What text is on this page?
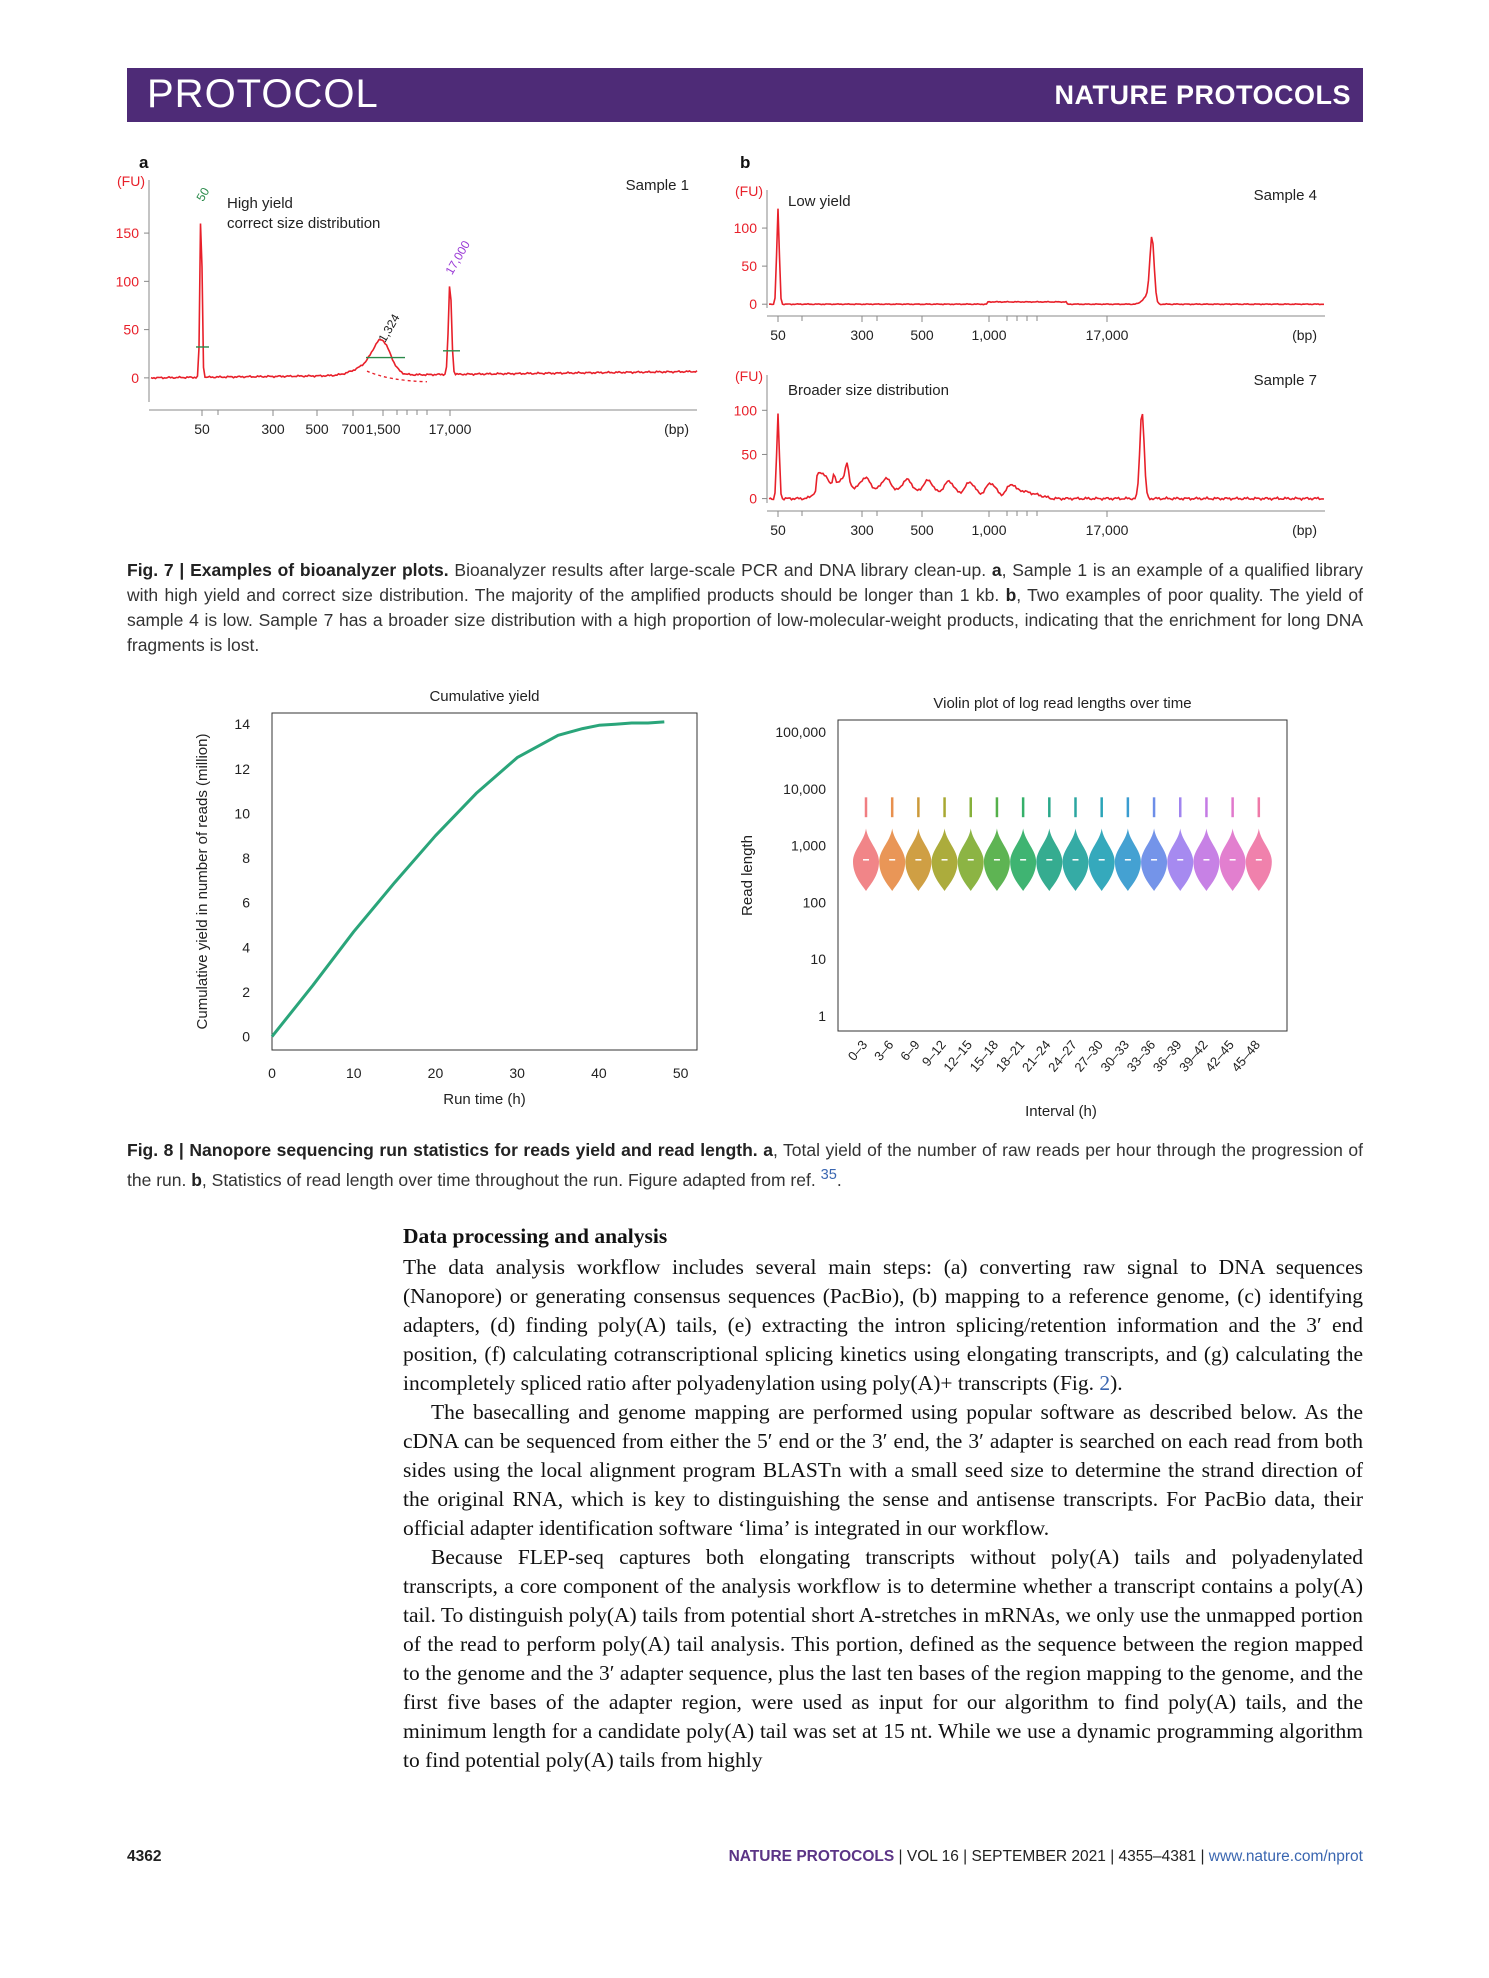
PROTOCOL	NATURE PROTOCOLS
a	b
(FU)
0
50
100
150
50	300 500 700 1,500 17,000	(bp)
Sample 1
High yield
correct size distribution
50
1,324
17,000
(FU)
0
50
100
50	300	500	1,000	17,000	(bp)
Sample 4
Low yield
(FU)
0
50
100
50	300	500	1,000	17,000	(bp)
Sample 7
Broader size distribution
Fig. 7 | Examples of bioanalyzer plots. Bioanalyzer results after large-scale PCR and DNA library clean-up. a, Sample 1 is an example of a qualified library with high yield and correct size distribution. The majority of the amplified products should be longer than 1 kb. b, Two examples of poor quality. The yield of sample 4 is low. Sample 7 has a broader size distribution with a high proportion of low-molecular-weight products, indicating that the enrichment for long DNA fragments is lost.
Cumulative yield
0
2
4
6
8
10
12
14
0	10	20	30	40	50
Run time (h)
Cumulative yield in number of reads (million)
Violin plot of log read lengths over time
1
10
100
1,000
10,000
100,000
Read length
Interval (h)
0–3 3–6 6–9
9–12
12–15
15–18
18–21
21–24
24–27
27–30
30–33
33–36
36–39
39–42
42–45
45–48
Fig. 8 | Nanopore sequencing run statistics for reads yield and read length. a, Total yield of the number of raw reads per hour through the progression of the run. b, Statistics of read length over time throughout the run. Figure adapted from ref. $^{35}$.
Data processing and analysis

The data analysis workflow includes several main steps: (a) converting raw signal to DNA sequences (Nanopore) or generating consensus sequences (PacBio), (b) mapping to a reference genome, (c) identifying adapters, (d) finding poly(A) tails, (e) extracting the intron splicing/retention information and the 3′ end position, (f) calculating cotranscriptional splicing kinetics using elongating transcripts, and (g) calculating the incompletely spliced ratio after polyadenylation using poly(A)+ transcripts (Fig. 2).

The basecalling and genome mapping are performed using popular software as described below. As the cDNA can be sequenced from either the 5′ end or the 3′ end, the 3′ adapter is searched on each read from both sides using the local alignment program BLASTn with a small seed size to determine the strand direction of the original RNA, which is key to distinguishing the sense and antisense transcripts. For PacBio data, their official adapter identification software ‘lima’ is integrated in our workflow.

Because FLEP-seq captures both elongating transcripts without poly(A) tails and polyadenylated transcripts, a core component of the analysis workflow is to determine whether a transcript contains a poly(A) tail. To distinguish poly(A) tails from potential short A-stretches in mRNAs, we only use the unmapped portion of the read to perform poly(A) tail analysis. This portion, defined as the sequence between the region mapped to the genome and the 3′ adapter sequence, plus the last ten bases of the region mapping to the genome, and the first five bases of the adapter region, were used as input for our algorithm to find poly(A) tails, and the minimum length for a candidate poly(A) tail was set at 15 nt. While we use a dynamic programming algorithm to find potential poly(A) tails from highly

4362	NATURE PROTOCOLS | VOL 16 | SEPTEMBER 2021 | 4355–4381 | www.nature.com/nprot
